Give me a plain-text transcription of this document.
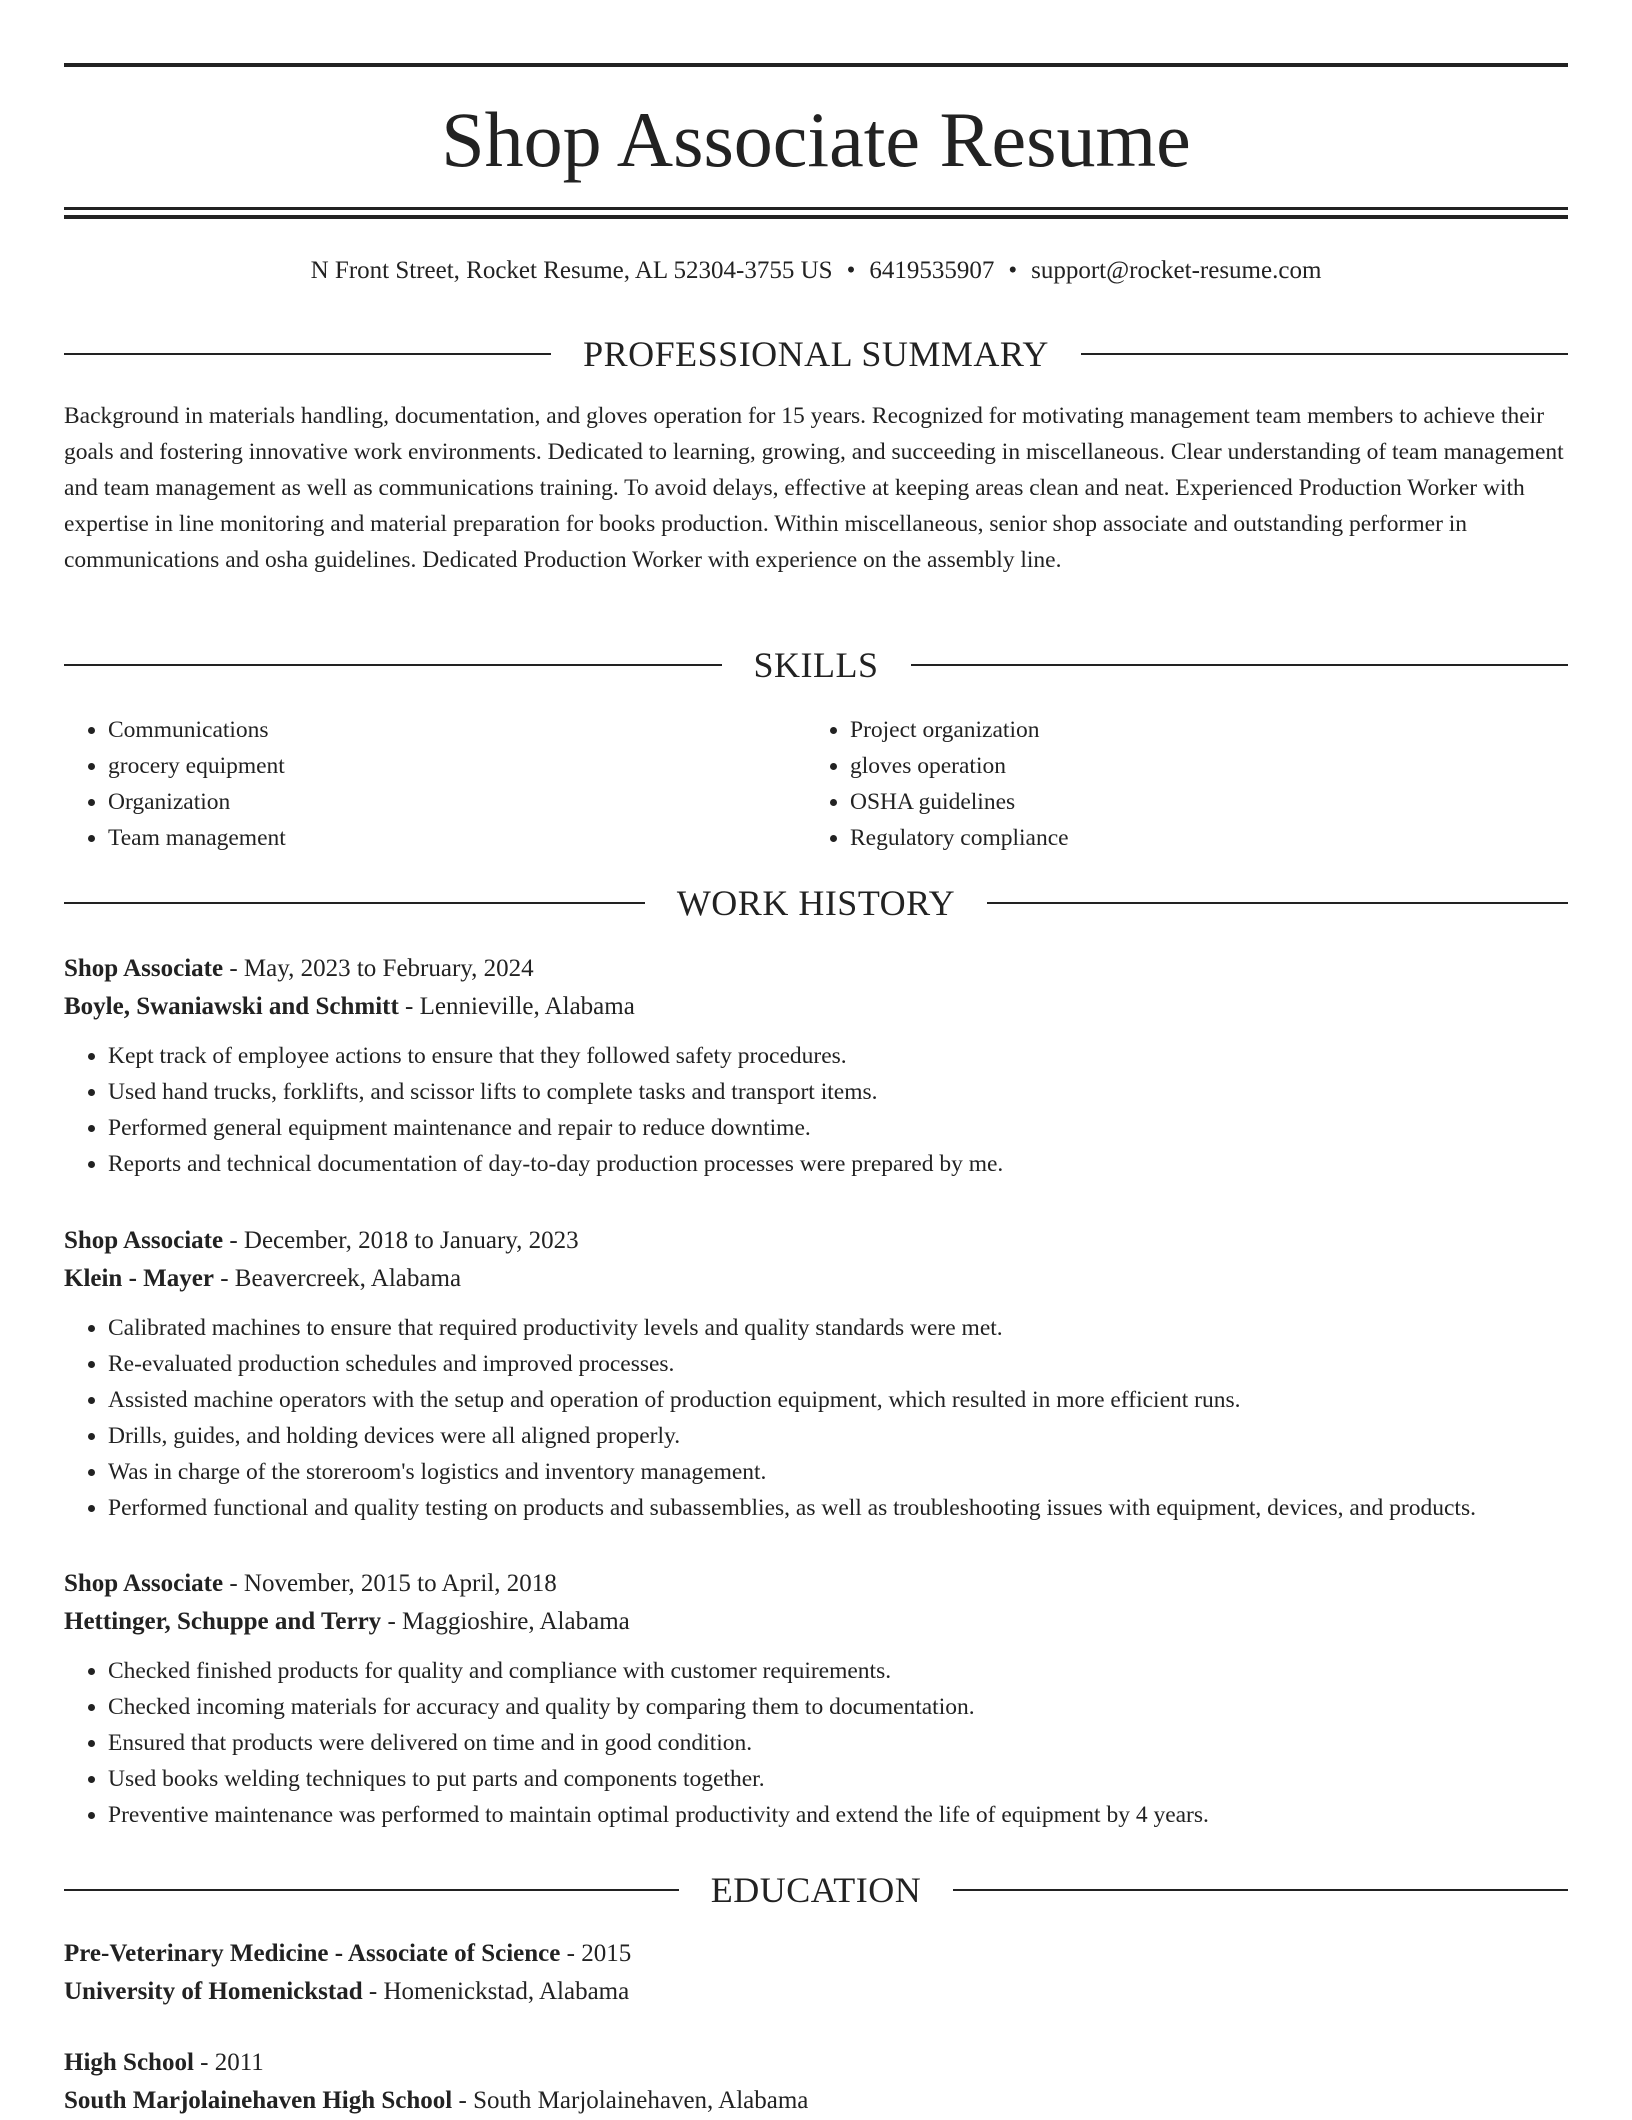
Shop Associate Resume
N Front Street, Rocket Resume, AL 52304-3755 US • 6419535907 • support@rocket-resume.com
PROFESSIONAL SUMMARY

Background in materials handling, documentation, and gloves operation for 15 years. Recognized for motivating management team members to achieve their goals and fostering innovative work environments. Dedicated to learning, growing, and succeeding in miscellaneous. Clear understanding of team management and team management as well as communications training. To avoid delays, effective at keeping areas clean and neat. Experienced Production Worker with expertise in line monitoring and material preparation for books production. Within miscellaneous, senior shop associate and outstanding performer in communications and osha guidelines. Dedicated Production Worker with experience on the assembly line.

SKILLS
• Communications
• grocery equipment
• Organization
• Team management
• Project organization
• gloves operation
• OSHA guidelines
• Regulatory compliance
WORK HISTORY
Shop Associate - May, 2023 to February, 2024
Boyle, Swaniawski and Schmitt - Lennieville, Alabama
• Kept track of employee actions to ensure that they followed safety procedures.
• Used hand trucks, forklifts, and scissor lifts to complete tasks and transport items.
• Performed general equipment maintenance and repair to reduce downtime.
• Reports and technical documentation of day-to-day production processes were prepared by me.
Shop Associate - December, 2018 to January, 2023
Klein - Mayer - Beavercreek, Alabama
• Calibrated machines to ensure that required productivity levels and quality standards were met.
• Re-evaluated production schedules and improved processes.
• Assisted machine operators with the setup and operation of production equipment, which resulted in more efficient runs.
• Drills, guides, and holding devices were all aligned properly.
• Was in charge of the storeroom's logistics and inventory management.
• Performed functional and quality testing on products and subassemblies, as well as troubleshooting issues with equipment, devices, and products.
Shop Associate - November, 2015 to April, 2018
Hettinger, Schuppe and Terry - Maggioshire, Alabama
• Checked finished products for quality and compliance with customer requirements.
• Checked incoming materials for accuracy and quality by comparing them to documentation.
• Ensured that products were delivered on time and in good condition.
• Used books welding techniques to put parts and components together.
• Preventive maintenance was performed to maintain optimal productivity and extend the life of equipment by 4 years.
EDUCATION
Pre-Veterinary Medicine - Associate of Science - 2015
University of Homenickstad - Homenickstad, Alabama
High School - 2011
South Marjolainehaven High School - South Marjolainehaven, Alabama
